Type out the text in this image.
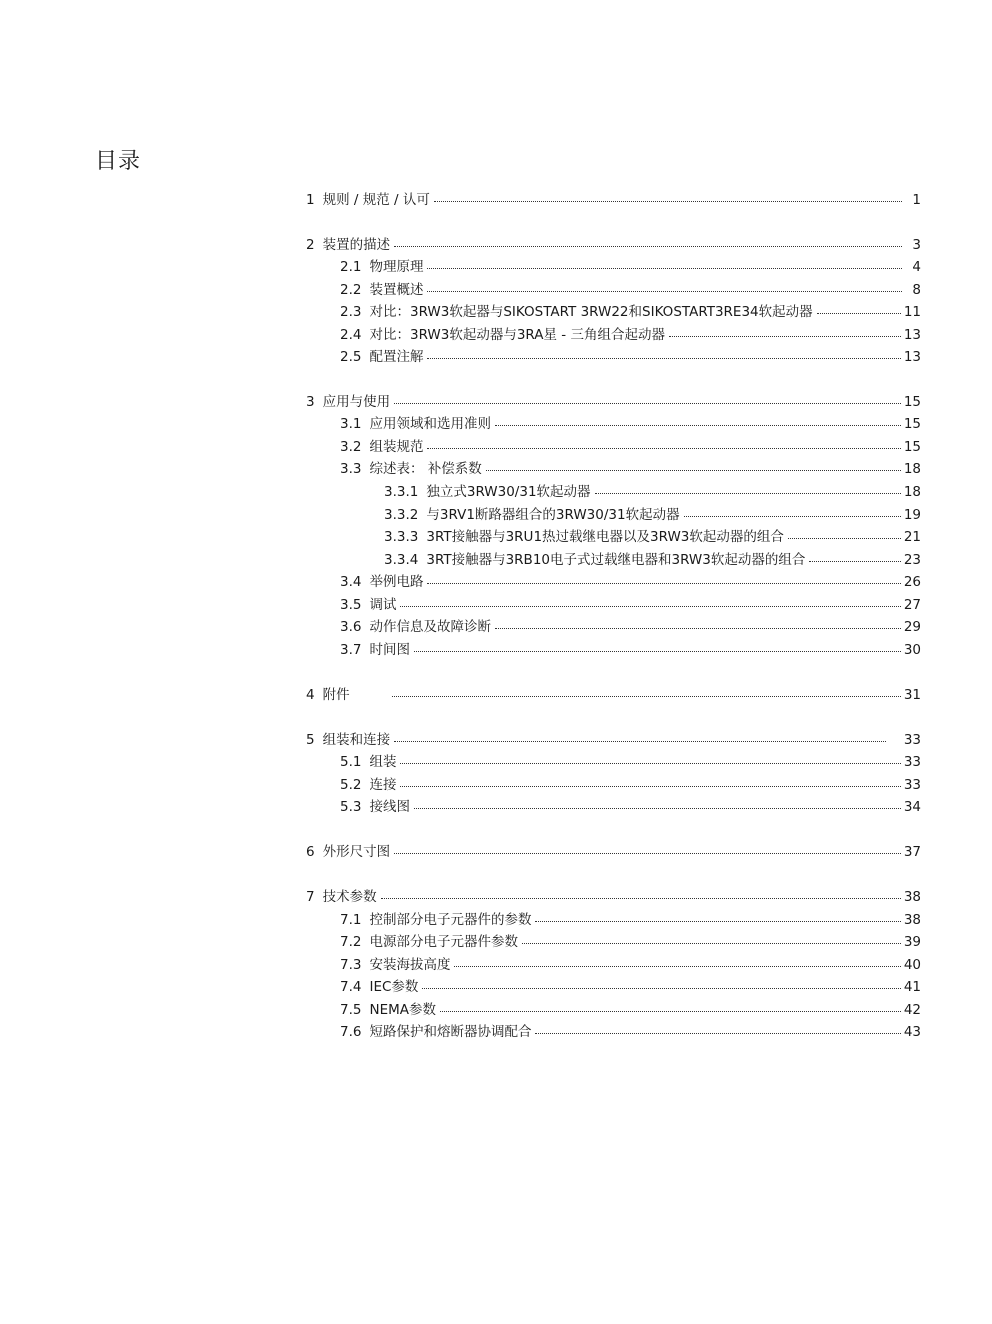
目录
1 规则 / 规范 / 认可	1
2 装置的描述	3
2.1 物理原理	4
2.2 装置概述	8
2.3 对比：3RW3软起器与SIKOSTART 3RW22和SIKOSTART3RE34软起动器	11
2.4 对比：3RW3软起动器与3RA星 - 三角组合起动器	13
2.5 配置注解	13
3 应用与使用	15
3.1 应用领域和选用准则	15
3.2 组装规范	15
3.3 综述表： 补偿系数	18
3.3.1 独立式3RW30/31软起动器	18
3.3.2 与3RV1断路器组合的3RW30/31软起动器	19
3.3.3 3RT接触器与3RU1热过载继电器以及3RW3软起动器的组合	21
3.3.4 3RT接触器与3RB10电子式过载继电器和3RW3软起动器的组合	23
3.4 举例电路	26
3.5 调试	27
3.6 动作信息及故障诊断	29
3.7 时间图	30
4 附件	31
5 组装和连接	33
5.1 组装	33
5.2 连接	33
5.3 接线图	34
6 外形尺寸图	37
7 技术参数	38
7.1 控制部分电子元器件的参数	38
7.2 电源部分电子元器件参数	39
7.3 安装海拔高度	40
7.4 IEC参数	41
7.5 NEMA参数	42
7.6 短路保护和熔断器协调配合	43
